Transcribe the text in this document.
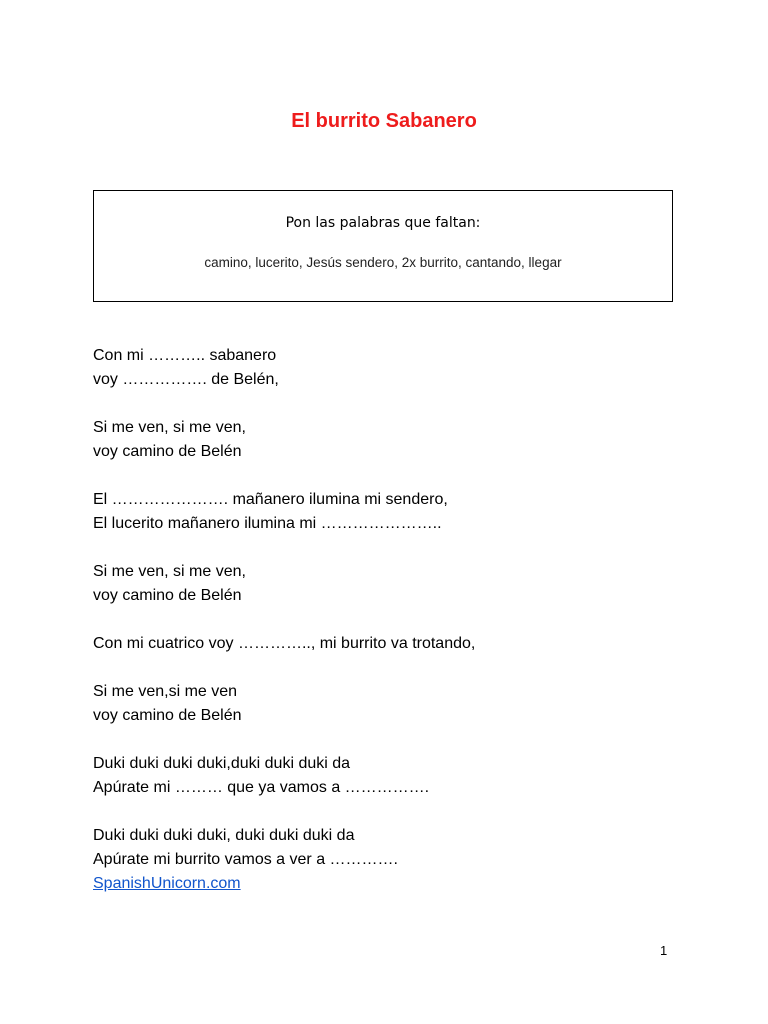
El burrito Sabanero
Pon las palabras que faltan:
camino, lucerito, Jesús sendero, 2x burrito, cantando, llegar
Con mi ……….. sabanero
voy ……………. de Belén,
Si me ven, si me ven,
voy camino de Belén
El …………………. mañanero ilumina mi sendero,
El lucerito mañanero ilumina mi …………………..
Si me ven, si me ven,
voy camino de Belén
Con mi cuatrico voy ………….., mi burrito va trotando,
Si me ven,si me ven
voy camino de Belén
Duki duki duki duki,duki duki duki da
Apúrate mi ……… que ya vamos a …………….
Duki duki duki duki, duki duki duki da
Apúrate mi burrito vamos a ver a ………….
SpanishUnicorn.com
1
